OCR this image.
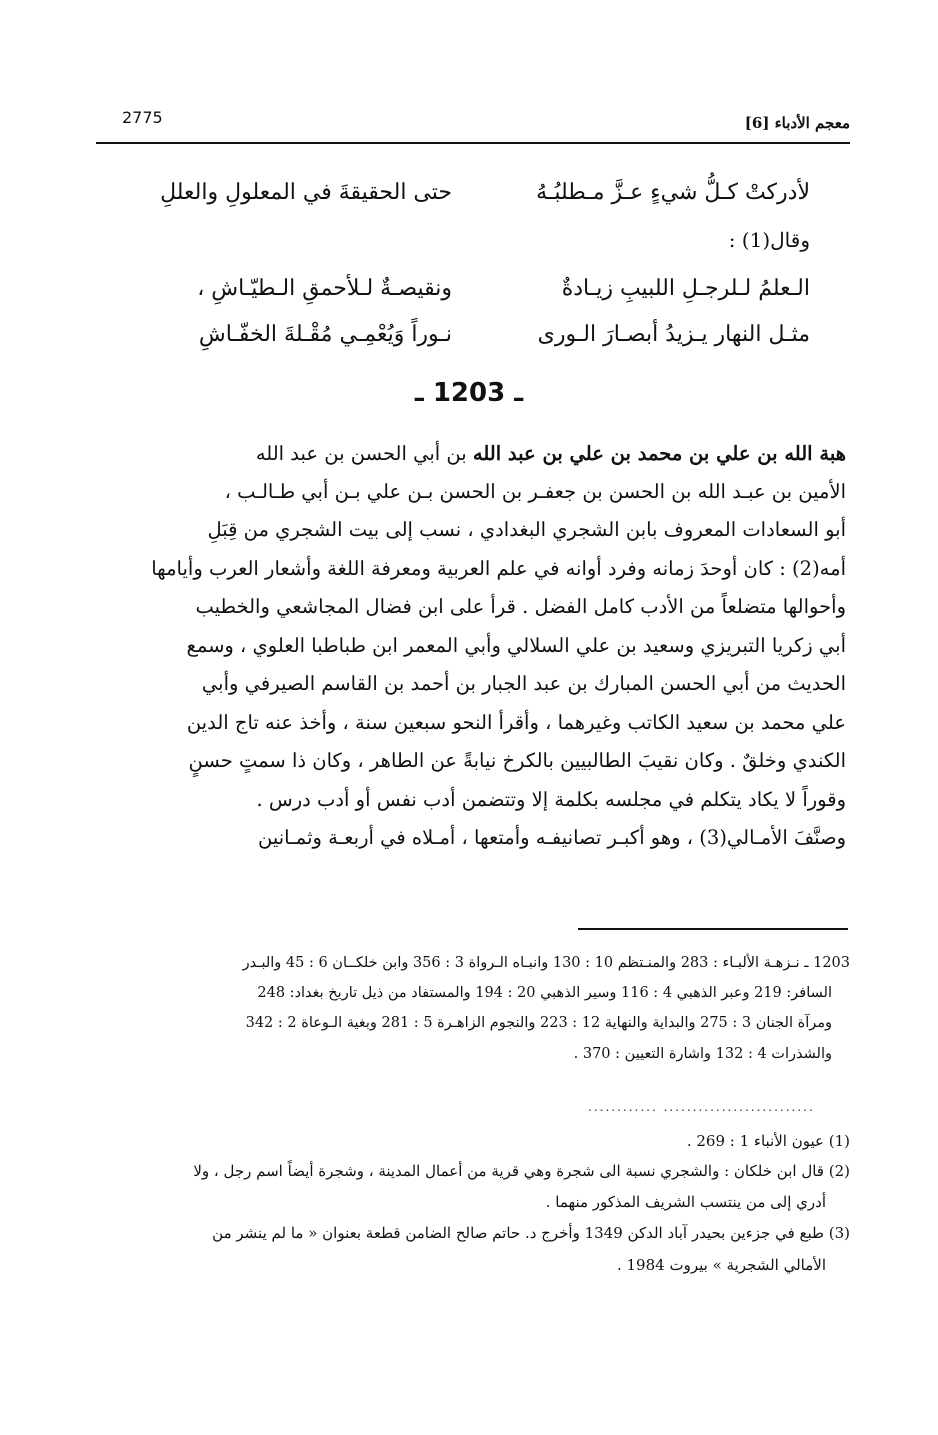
معجم الأدباء [6]
2775
لأدركتْ كـلُّ شيءٍ عـزَّ مـطلبُـهُ
حتى الحقيقةَ في المعلولِ والعللِ
وقال(1) :
الـعلمُ لـلرجـلِ اللبيبِ زيـادةٌ
ونقيصـةٌ لـلأحمقِ الـطيّـاشِ ،
مثـل النهار يـزيدُ أبصـارَ الـورى
نـوراً وَيُعْمِـي مُقْـلةَ الخفّـاشِ
ـ 1203 ـ
هبة الله بن علي بن محمد بن علي بن عبد الله بن أبي الحسن بن عبد الله
الأمين بن عبـد الله بن الحسن بن جعفـر بن الحسن بـن علي بـن أبي طـالـب ،
أبو السعادات المعروف بابن الشجري البغدادي ، نسب إلى بيت الشجري من قِبَلِ
أمه(2) : كان أوحدَ زمانه وفرد أوانه في علم العربية ومعرفة اللغة وأشعار العرب وأيامها
وأحوالها متضلعاً من الأدب كامل الفضل . قرأ على ابن فضال المجاشعي والخطيب
أبي زكريا التبريزي وسعيد بن علي السلالي وأبي المعمر ابن طباطبا العلوي ، وسمع
الحديث من أبي الحسن المبارك بن عبد الجبار بن أحمد بن القاسم الصيرفي وأبي
علي محمد بن سعيد الكاتب وغيرهما ، وأقرأ النحو سبعين سنة ، وأخذ عنه تاج الدين
الكندي وخلقٌ . وكان نقيبَ الطالبيين بالكرخ نيابةً عن الطاهر ، وكان ذا سمتٍ حسنٍ
وقوراً لا يكاد يتكلم في مجلسه بكلمة إلا وتتضمن أدب نفس أو أدب درس .
وصنَّفَ الأمـالي(3) ، وهو أكبـر تصانيفـه وأمتعها ، أمـلاه في أربعـة وثمـانين
1203 ـ نـزهـة الألبـاء : 283 والمنـتظم 10 : 130 وانبـاه الـرواة 3 : 356 وابن خلكــان 6 : 45 والبـدر
السافر: 219 وعبر الذهبي 4 : 116 وسير الذهبي 20 : 194 والمستفاد من ذيل تاريخ بغداد: 248
ومرآة الجنان 3 : 275 والبداية والنهاية 12 : 223 والنجوم الزاهـرة 5 : 281 وبغية الـوعاة 2 : 342
والشذرات 4 : 132 واشارة التعيين : 370 .
............ ..........................
(1) عيون الأنباء 1 : 269 .
(2) قال ابن خلكان : والشجري نسبة الى شجرة وهي قرية من أعمال المدينة ، وشجرة أيضاً اسم رجل ، ولا
أدري إلى من ينتسب الشريف المذكور منهما .
(3) طبع في جزءين بحيدر آباد الدكن 1349 وأخرج د. حاتم صالح الضامن قطعة بعنوان « ما لم ينشر من
الأمالي الشجرية » بيروت 1984 .
